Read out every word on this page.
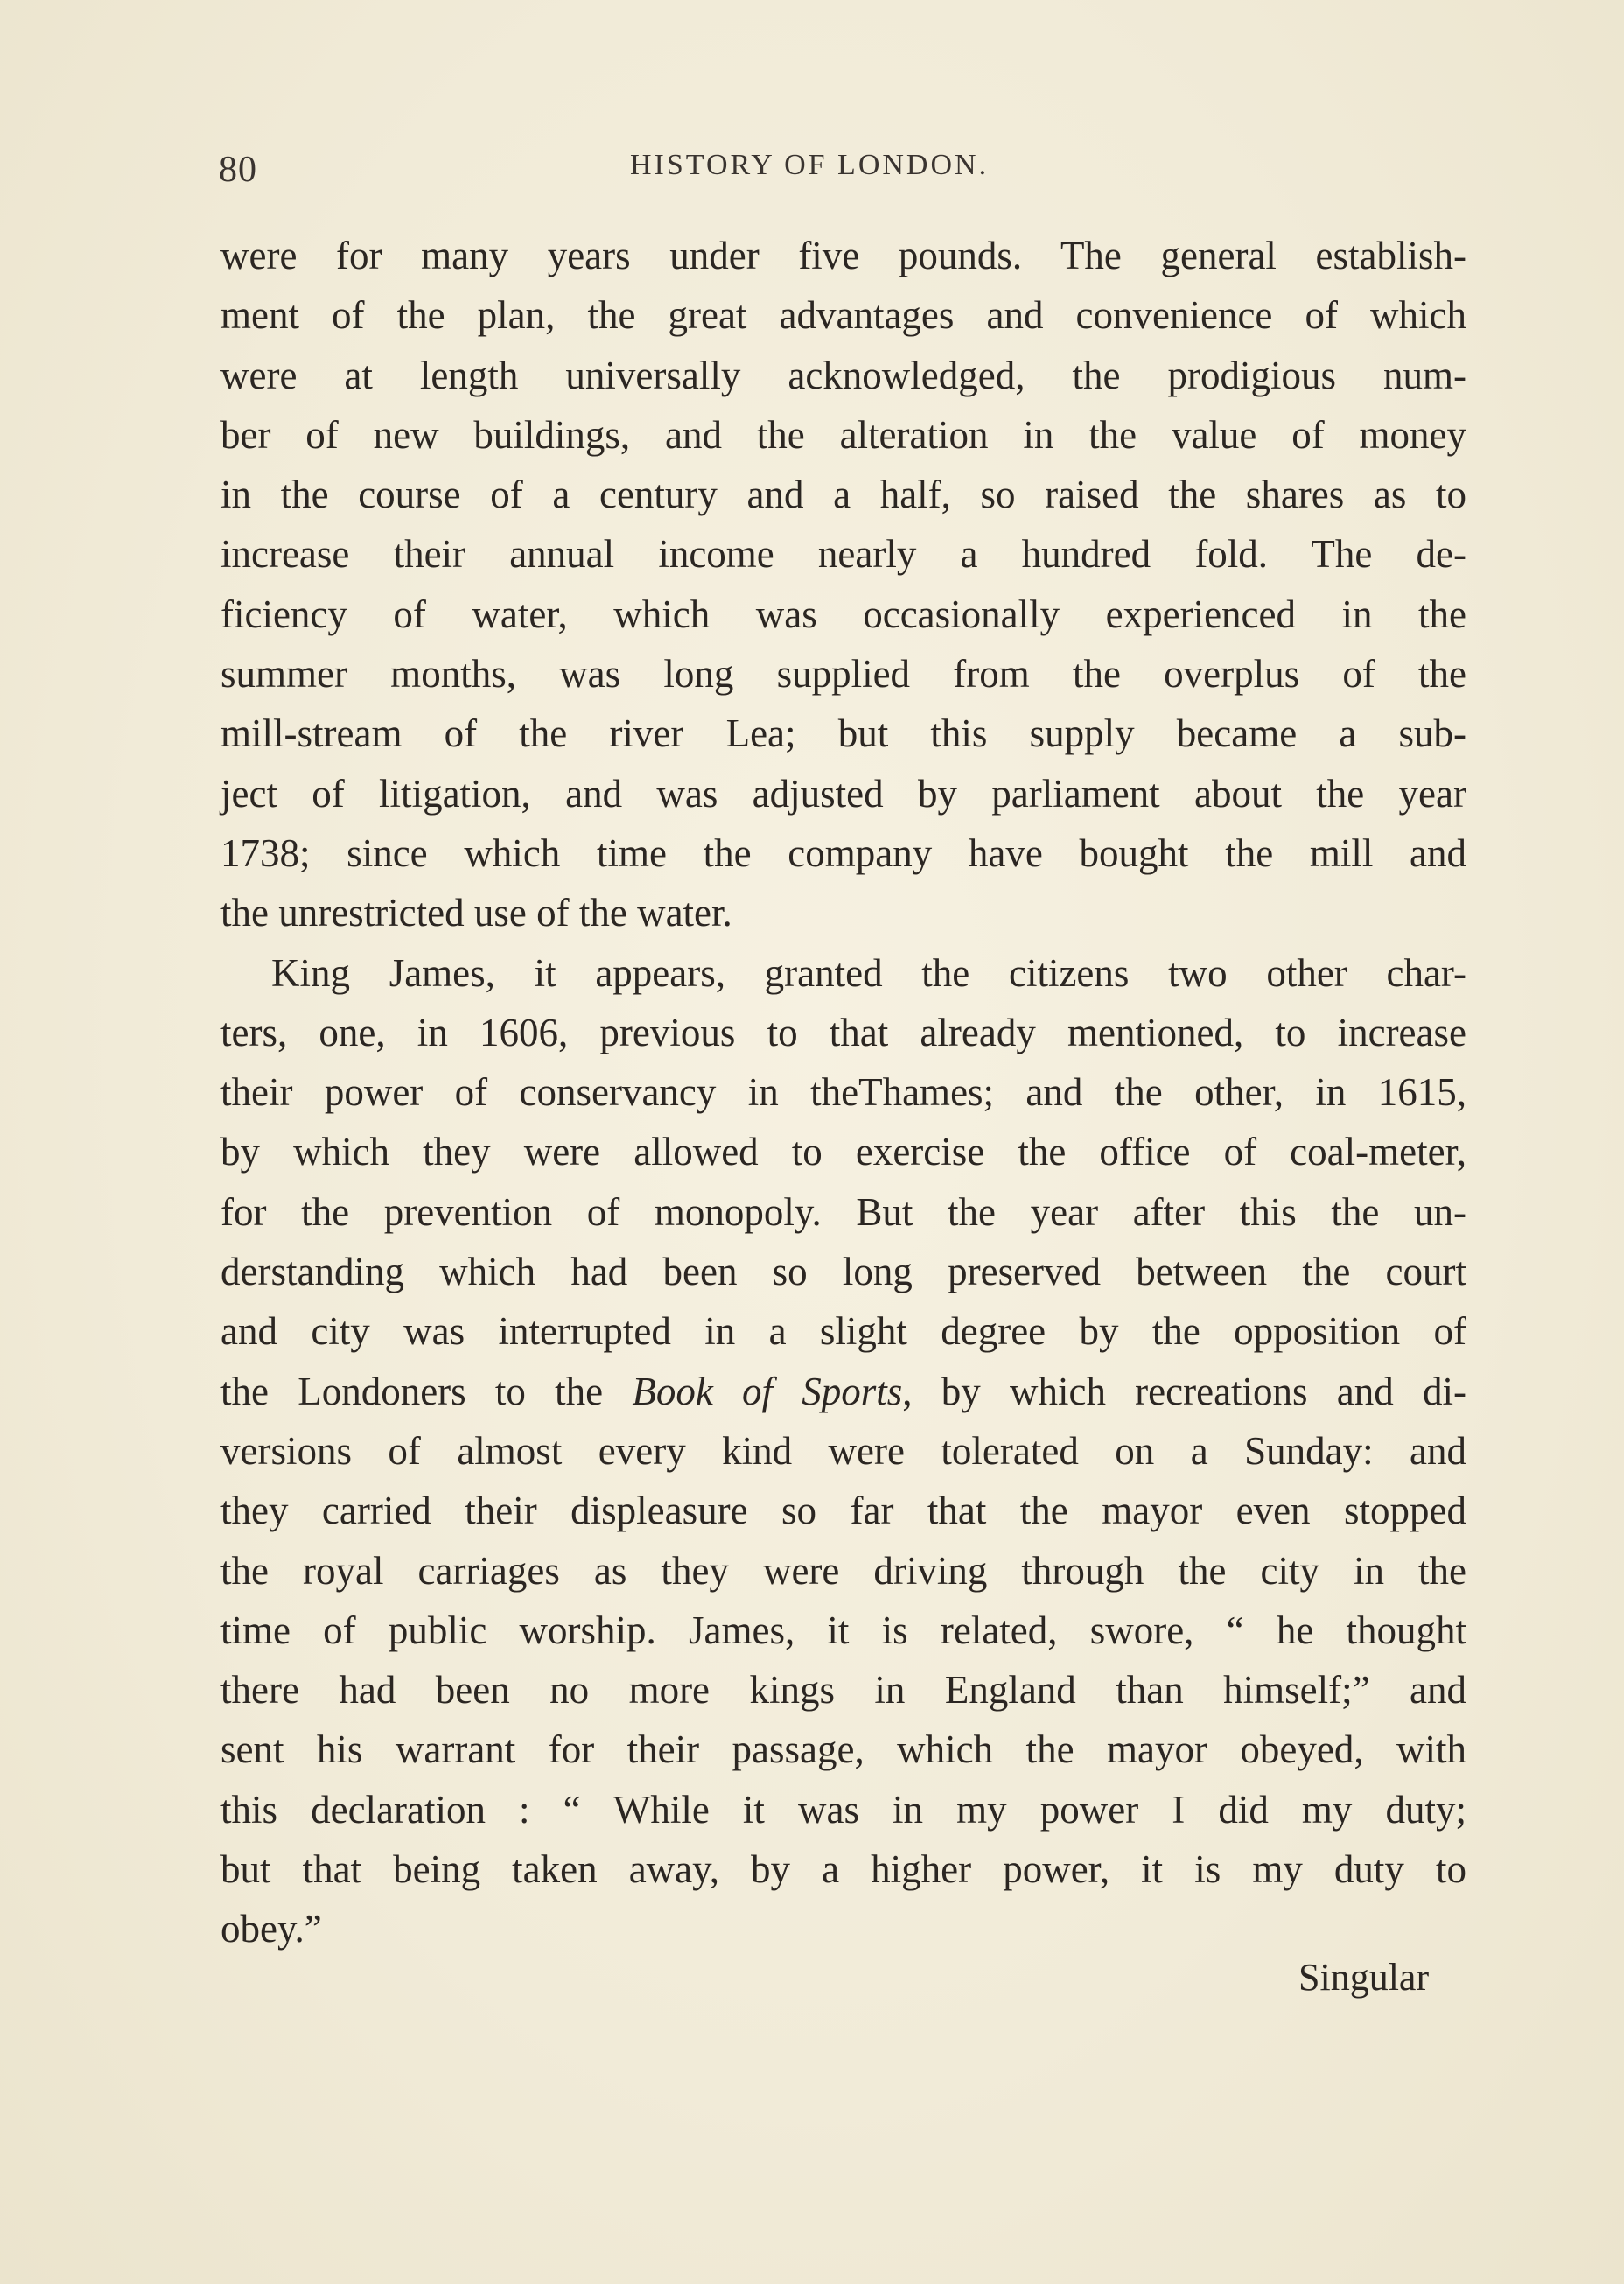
80	HISTORY OF LONDON.
were for many years under five pounds. The general establish-
ment of the plan, the great advantages and convenience of which
were at length universally acknowledged, the prodigious num-
ber of new buildings, and the alteration in the value of money
in the course of a century and a half, so raised the shares as to
increase their annual income nearly a hundred fold. The de-
ficiency of water, which was occasionally experienced in the
summer months, was long supplied from the overplus of the
mill-stream of the river Lea; but this supply became a sub-
ject of litigation, and was adjusted by parliament about the year
1738; since which time the company have bought the mill and
the unrestricted use of the water.
King James, it appears, granted the citizens two other char-
ters, one, in 1606, previous to that already mentioned, to increase
their power of conservancy in theThames; and the other, in 1615,
by which they were allowed to exercise the office of coal-meter,
for the prevention of monopoly. But the year after this the un-
derstanding which had been so long preserved between the court
and city was interrupted in a slight degree by the opposition of
the Londoners to the Book of Sports, by which recreations and di-
versions of almost every kind were tolerated on a Sunday: and
they carried their displeasure so far that the mayor even stopped
the royal carriages as they were driving through the city in the
time of public worship. James, it is related, swore, “ he thought
there had been no more kings in England than himself;” and
sent his warrant for their passage, which the mayor obeyed, with
this declaration : “ While it was in my power I did my duty;
but that being taken away, by a higher power, it is my duty to
obey.”
Singular
